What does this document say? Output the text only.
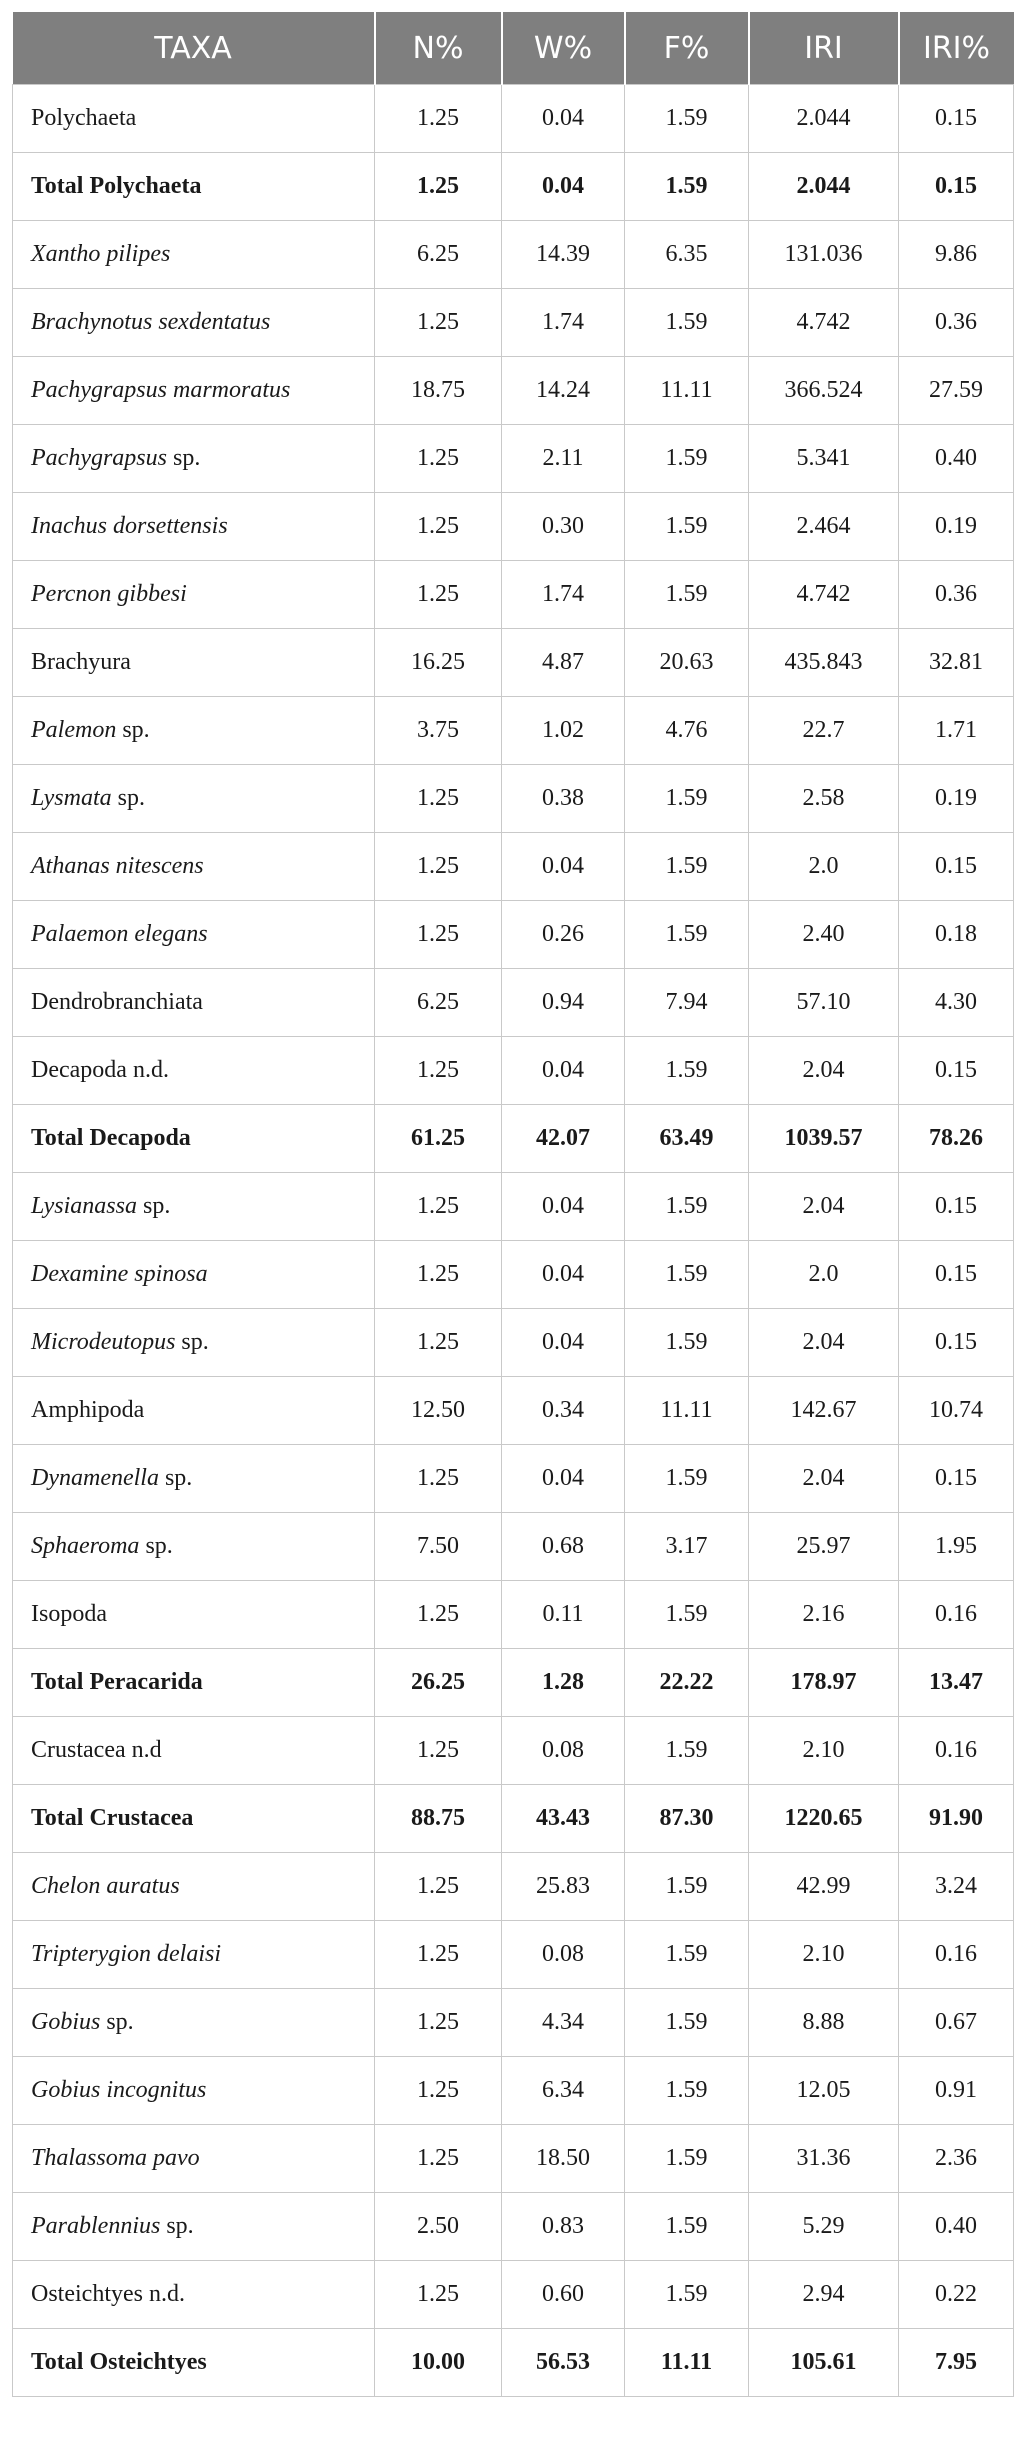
TAXA	N%	W%	F%	IRI	IRI%
Polychaeta	1.25	0.04	1.59	2.044	0.15
Total Polychaeta	1.25	0.04	1.59	2.044	0.15
Xantho pilipes	6.25	14.39	6.35	131.036	9.86
Brachynotus sexdentatus	1.25	1.74	1.59	4.742	0.36
Pachygrapsus marmoratus	18.75	14.24	11.11	366.524	27.59
Pachygrapsus sp.	1.25	2.11	1.59	5.341	0.40
Inachus dorsettensis	1.25	0.30	1.59	2.464	0.19
Percnon gibbesi	1.25	1.74	1.59	4.742	0.36
Brachyura	16.25	4.87	20.63	435.843	32.81
Palemon sp.	3.75	1.02	4.76	22.7	1.71
Lysmata sp.	1.25	0.38	1.59	2.58	0.19
Athanas nitescens	1.25	0.04	1.59	2.0	0.15
Palaemon elegans	1.25	0.26	1.59	2.40	0.18
Dendrobranchiata	6.25	0.94	7.94	57.10	4.30
Decapoda n.d.	1.25	0.04	1.59	2.04	0.15
Total Decapoda	61.25	42.07	63.49	1039.57	78.26
Lysianassa sp.	1.25	0.04	1.59	2.04	0.15
Dexamine spinosa	1.25	0.04	1.59	2.0	0.15
Microdeutopus sp.	1.25	0.04	1.59	2.04	0.15
Amphipoda	12.50	0.34	11.11	142.67	10.74
Dynamenella sp.	1.25	0.04	1.59	2.04	0.15
Sphaeroma sp.	7.50	0.68	3.17	25.97	1.95
Isopoda	1.25	0.11	1.59	2.16	0.16
Total Peracarida	26.25	1.28	22.22	178.97	13.47
Crustacea n.d	1.25	0.08	1.59	2.10	0.16
Total Crustacea	88.75	43.43	87.30	1220.65	91.90
Chelon auratus	1.25	25.83	1.59	42.99	3.24
Tripterygion delaisi	1.25	0.08	1.59	2.10	0.16
Gobius sp.	1.25	4.34	1.59	8.88	0.67
Gobius incognitus	1.25	6.34	1.59	12.05	0.91
Thalassoma pavo	1.25	18.50	1.59	31.36	2.36
Parablennius sp.	2.50	0.83	1.59	5.29	0.40
Osteichtyes n.d.	1.25	0.60	1.59	2.94	0.22
Total Osteichtyes	10.00	56.53	11.11	105.61	7.95
